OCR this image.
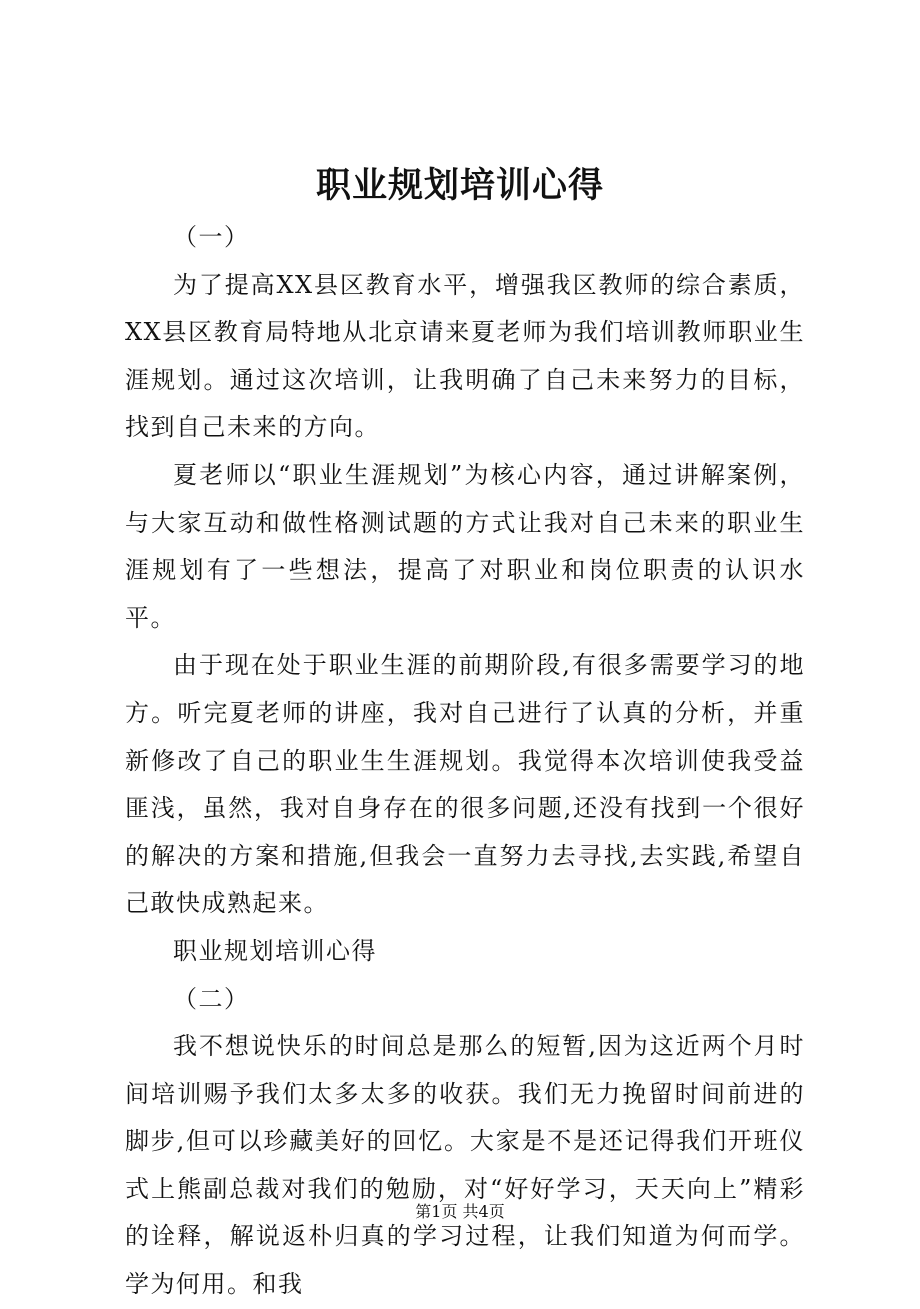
职业规划培训心得

（一）

为了提高XX县区教育水平，增强我区教师的综合素质，XX县区教育局特地从北京请来夏老师为我们培训教师职业生涯规划。通过这次培训，让我明确了自己未来努力的目标，找到自己未来的方向。

夏老师以“职业生涯规划”为核心内容，通过讲解案例，与大家互动和做性格测试题的方式让我对自己未来的职业生涯规划有了一些想法，提高了对职业和岗位职责的认识水平。

由于现在处于职业生涯的前期阶段,有很多需要学习的地方。听完夏老师的讲座，我对自己进行了认真的分析，并重新修改了自己的职业生生涯规划。我觉得本次培训使我受益匪浅，虽然，我对自身存在的很多问题,还没有找到一个很好的解决的方案和措施,但我会一直努力去寻找,去实践,希望自己敢快成熟起来。

职业规划培训心得

（二）

我不想说快乐的时间总是那么的短暂,因为这近两个月时间培训赐予我们太多太多的收获。我们无力挽留时间前进的脚步,但可以珍藏美好的回忆。大家是不是还记得我们开班仪式上熊副总裁对我们的勉励，对“好好学习，天天向上”精彩的诠释，解说返朴归真的学习过程，让我们知道为何而学。学为何用。和我

第1页 共4页
